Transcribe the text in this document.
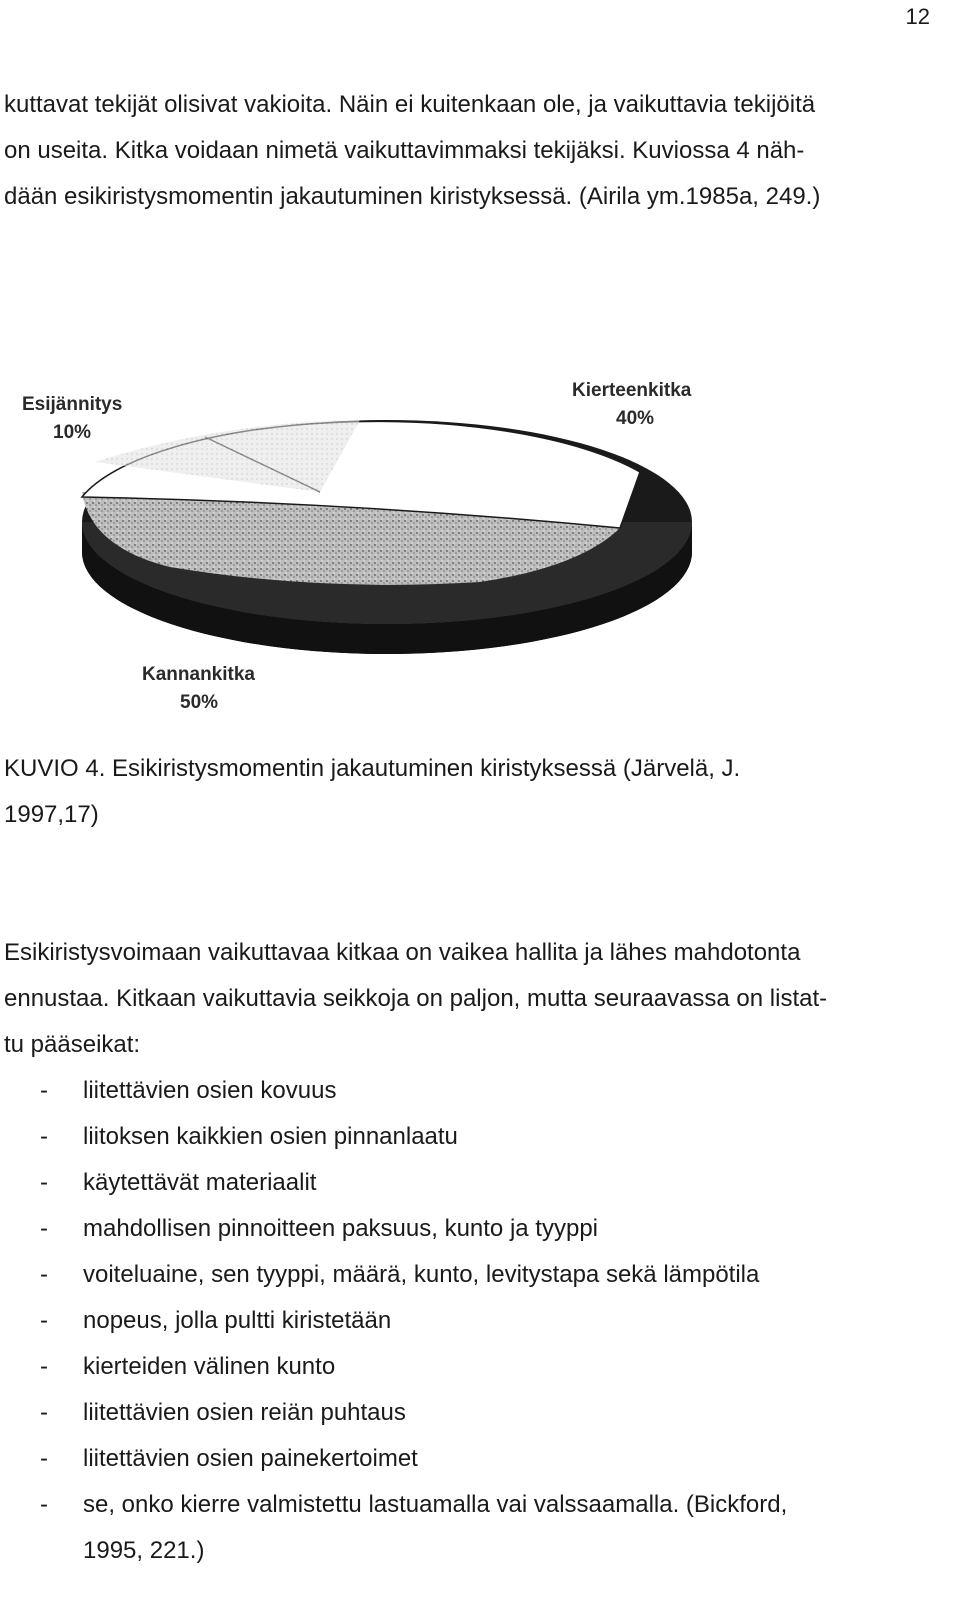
12

kuttavat tekijät olisivat vakioita. Näin ei kuitenkaan ole, ja vaikuttavia tekijöitä
on useita. Kitka voidaan nimetä vaikuttavimmaksi tekijäksi. Kuviossa 4 näh-
dään esikiristysmomentin jakautuminen kiristyksessä. (Airila ym.1985a, 249.)

Esijännitys
10%
Kierteenkitka
40%
Kannankitka
50%

KUVIO 4. Esikiristysmomentin jakautuminen kiristyksessä (Järvelä, J.
1997,17)

Esikiristysvoimaan vaikuttavaa kitkaa on vaikea hallita ja lähes mahdotonta
ennustaa. Kitkaan vaikuttavia seikkoja on paljon, mutta seuraavassa on listat-
tu pääseikat:

- liitettävien osien kovuus
- liitoksen kaikkien osien pinnanlaatu
- käytettävät materiaalit
- mahdollisen pinnoitteen paksuus, kunto ja tyyppi
- voiteluaine, sen tyyppi, määrä, kunto, levitystapa sekä lämpötila
- nopeus, jolla pultti kiristetään
- kierteiden välinen kunto
- liitettävien osien reiän puhtaus
- liitettävien osien painekertoimet
- se, onko kierre valmistettu lastuamalla vai valssaamalla. (Bickford,
1995, 221.)
